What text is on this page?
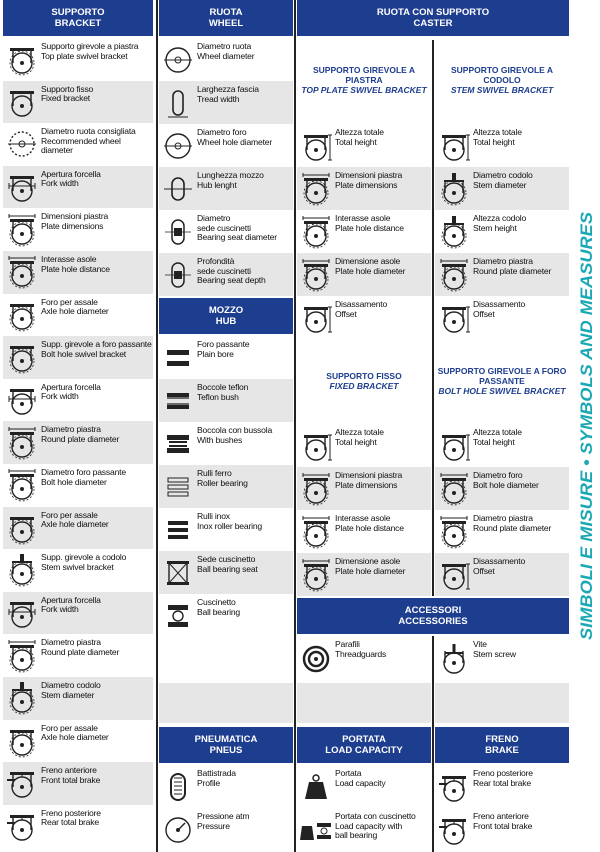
SUPPORTO
BRACKET
Supporto girevole a piastra
Top plate swivel bracket
Supporto fisso
Fixed bracket
Diametro ruota consigliata
Recommended wheel diameter
Apertura forcella
Fork width
Dimensioni piastra
Plate dimensions
Interasse asole
Plate hole distance
Foro per assale
Axle hole diameter
Supp. girevole a foro passante
Bolt hole swivel bracket
Apertura forcella
Fork width
Diametro piastra
Round plate diameter
Diametro foro passante
Bolt hole diameter
Foro per assale
Axle hole diameter
Supp. girevole a codolo
Stem swivel bracket
Apertura forcella
Fork width
Diametro piastra
Round plate diameter
Diametro codolo
Stem diameter
Foro per assale
Axle hole diameter
Freno anteriore
Front total brake
Freno posteriore
Rear total brake
RUOTA
WHEEL
Diametro ruota
Wheel diameter
Larghezza fascia
Tread width
Diametro foro
Wheel hole diameter
Lunghezza mozzo
Hub lenght
Diametro
sede cuscinetti
Bearing seat diameter
Profondità
sede cuscinetti
Bearing seat depth
MOZZO
HUB
Foro passante
Plain bore
Boccole teflon
Teflon bush
Boccola con bussola
With bushes
Rulli ferro
Roller bearing
Rulli inox
Inox roller bearing
Sede cuscinetto
Ball bearing seat
Cuscinetto
Ball bearing
PNEUMATICA
PNEUS
Battistrada
Profile
Pressione atm
Pressure
RUOTA CON SUPPORTO
CASTER
SUPPORTO GIREVOLE A PIASTRA
TOP PLATE SWIVEL BRACKET
SUPPORTO GIREVOLE A CODOLO
STEM SWIVEL BRACKET
Altezza totale
Total height
Dimensioni piastra
Plate dimensions
Interasse asole
Plate hole distance
Dimensione asole
Plate hole diameter
Disassamento
Offset
Altezza totale
Total height
Diametro codolo
Stem diameter
Altezza codolo
Stem height
Diametro piastra
Round plate diameter
Disassamento
Offset
SUPPORTO FISSO
FIXED BRACKET
SUPPORTO GIREVOLE A FORO PASSANTE
BOLT HOLE SWIVEL BRACKET
Altezza totale
Total height
Dimensioni piastra
Plate dimensions
Interasse asole
Plate hole distance
Dimensione asole
Plate hole diameter
Altezza totale
Total height
Diametro foro
Bolt hole diameter
Diametro piastra
Round plate diameter
Disassamento
Offset
ACCESSORI
ACCESSORIES
Parafili
Threadguards
Vite
Stem screw
PORTATA
LOAD CAPACITY
FRENO
BRAKE
Portata
Load capacity
Portata con cuscinetto
Load capacity with
ball bearing
Freno posteriore
Rear total brake
Freno anteriore
Front total brake
SIMBOLI E MISURE • SYMBOLS AND MEASURES
